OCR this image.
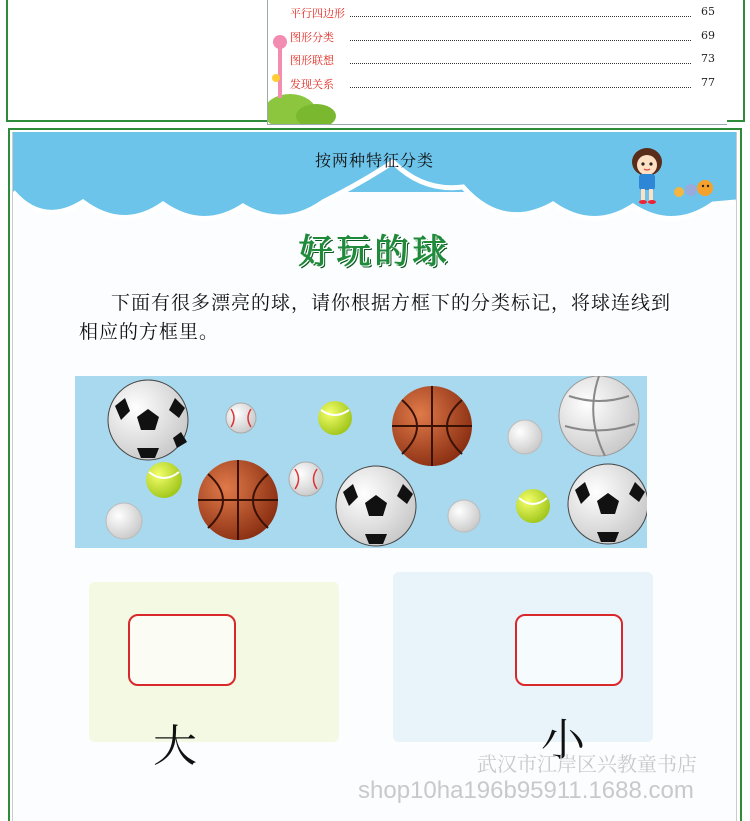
平行四边形	65
图形分类	69
图形联想	73
发现关系	77
按两种特征分类
好玩的球
下面有很多漂亮的球，请你根据方框下的分类标记，将球连线到相应的方框里。
大	小
武汉市江岸区兴教童书店
shop10ha196b95911.1688.com
